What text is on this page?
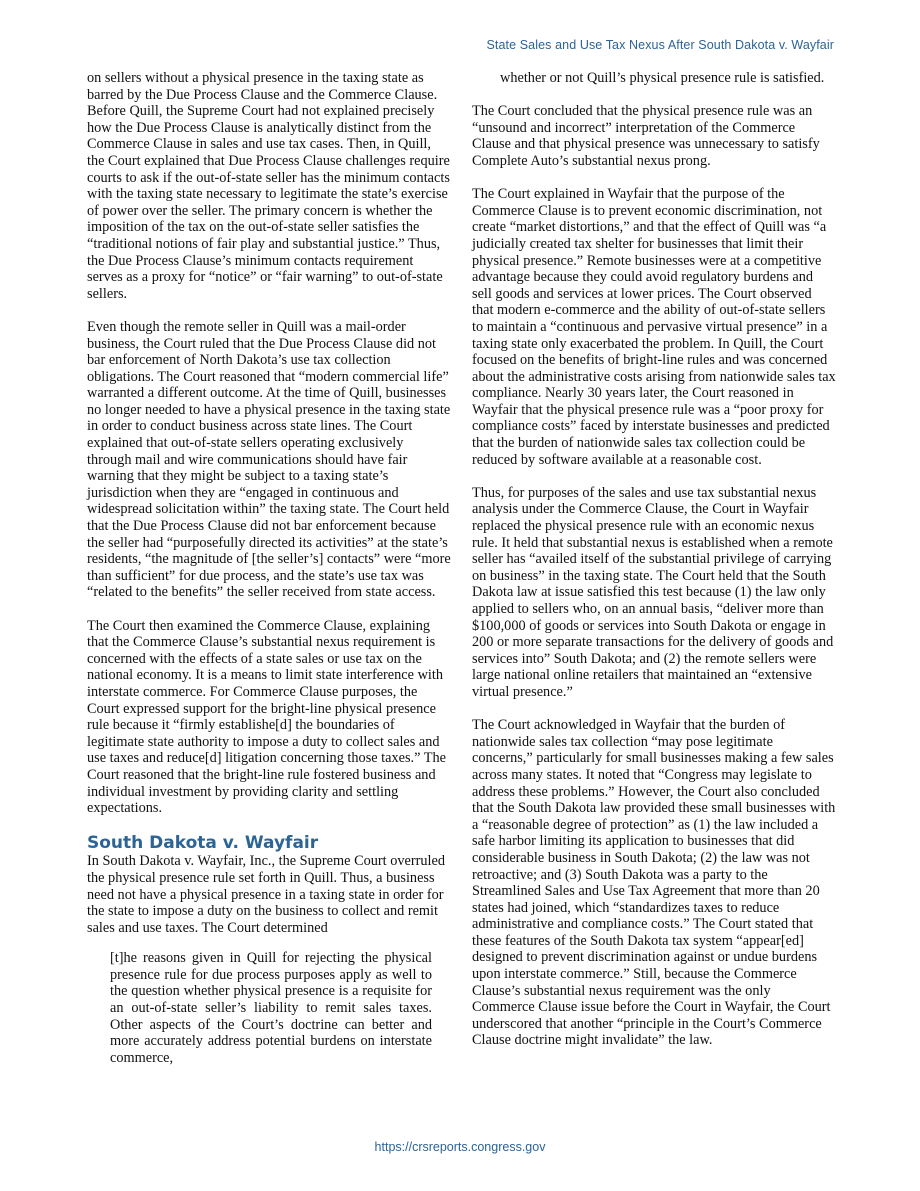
State Sales and Use Tax Nexus After South Dakota v. Wayfair

on sellers without a physical presence in the taxing state as barred by the Due Process Clause and the Commerce Clause. Before Quill, the Supreme Court had not explained precisely how the Due Process Clause is analytically distinct from the Commerce Clause in sales and use tax cases. Then, in Quill, the Court explained that Due Process Clause challenges require courts to ask if the out-of-state seller has the minimum contacts with the taxing state necessary to legitimate the state’s exercise of power over the seller. The primary concern is whether the imposition of the tax on the out-of-state seller satisfies the “traditional notions of fair play and substantial justice.” Thus, the Due Process Clause’s minimum contacts requirement serves as a proxy for “notice” or “fair warning” to out-of-state sellers.

Even though the remote seller in Quill was a mail-order business, the Court ruled that the Due Process Clause did not bar enforcement of North Dakota’s use tax collection obligations. The Court reasoned that “modern commercial life” warranted a different outcome. At the time of Quill, businesses no longer needed to have a physical presence in the taxing state in order to conduct business across state lines. The Court explained that out-of-state sellers operating exclusively through mail and wire communications should have fair warning that they might be subject to a taxing state’s jurisdiction when they are “engaged in continuous and widespread solicitation within” the taxing state. The Court held that the Due Process Clause did not bar enforcement because the seller had “purposefully directed its activities” at the state’s residents, “the magnitude of [the seller’s] contacts” were “more than sufficient” for due process, and the state’s use tax was “related to the benefits” the seller received from state access.

The Court then examined the Commerce Clause, explaining that the Commerce Clause’s substantial nexus requirement is concerned with the effects of a state sales or use tax on the national economy. It is a means to limit state interference with interstate commerce. For Commerce Clause purposes, the Court expressed support for the bright-line physical presence rule because it “firmly establishe[d] the boundaries of legitimate state authority to impose a duty to collect sales and use taxes and reduce[d] litigation concerning those taxes.” The Court reasoned that the bright-line rule fostered business and individual investment by providing clarity and settling expectations.

South Dakota v. Wayfair

In South Dakota v. Wayfair, Inc., the Supreme Court overruled the physical presence rule set forth in Quill. Thus, a business need not have a physical presence in a taxing state in order for the state to impose a duty on the business to collect and remit sales and use taxes. The Court determined

[t]he reasons given in Quill for rejecting the physical presence rule for due process purposes apply as well to the question whether physical presence is a requisite for an out-of-state seller’s liability to remit sales taxes. Other aspects of the Court’s doctrine can better and more accurately address potential burdens on interstate commerce,
whether or not Quill’s physical presence rule is satisfied.

The Court concluded that the physical presence rule was an “unsound and incorrect” interpretation of the Commerce Clause and that physical presence was unnecessary to satisfy Complete Auto’s substantial nexus prong.

The Court explained in Wayfair that the purpose of the Commerce Clause is to prevent economic discrimination, not create “market distortions,” and that the effect of Quill was “a judicially created tax shelter for businesses that limit their physical presence.” Remote businesses were at a competitive advantage because they could avoid regulatory burdens and sell goods and services at lower prices. The Court observed that modern e-commerce and the ability of out-of-state sellers to maintain a “continuous and pervasive virtual presence” in a taxing state only exacerbated the problem. In Quill, the Court focused on the benefits of bright-line rules and was concerned about the administrative costs arising from nationwide sales tax compliance. Nearly 30 years later, the Court reasoned in Wayfair that the physical presence rule was a “poor proxy for compliance costs” faced by interstate businesses and predicted that the burden of nationwide sales tax collection could be reduced by software available at a reasonable cost.

Thus, for purposes of the sales and use tax substantial nexus analysis under the Commerce Clause, the Court in Wayfair replaced the physical presence rule with an economic nexus rule. It held that substantial nexus is established when a remote seller has “availed itself of the substantial privilege of carrying on business” in the taxing state. The Court held that the South Dakota law at issue satisfied this test because (1) the law only applied to sellers who, on an annual basis, “deliver more than $100,000 of goods or services into South Dakota or engage in 200 or more separate transactions for the delivery of goods and services into” South Dakota; and (2) the remote sellers were large national online retailers that maintained an “extensive virtual presence.”

The Court acknowledged in Wayfair that the burden of nationwide sales tax collection “may pose legitimate concerns,” particularly for small businesses making a few sales across many states. It noted that “Congress may legislate to address these problems.” However, the Court also concluded that the South Dakota law provided these small businesses with a “reasonable degree of protection” as (1) the law included a safe harbor limiting its application to businesses that did considerable business in South Dakota; (2) the law was not retroactive; and (3) South Dakota was a party to the Streamlined Sales and Use Tax Agreement that more than 20 states had joined, which “standardizes taxes to reduce administrative and compliance costs.” The Court stated that these features of the South Dakota tax system “appear[ed] designed to prevent discrimination against or undue burdens upon interstate commerce.” Still, because the Commerce Clause’s substantial nexus requirement was the only Commerce Clause issue before the Court in Wayfair, the Court underscored that another “principle in the Court’s Commerce Clause doctrine might invalidate” the law.

https://crsreports.congress.gov
